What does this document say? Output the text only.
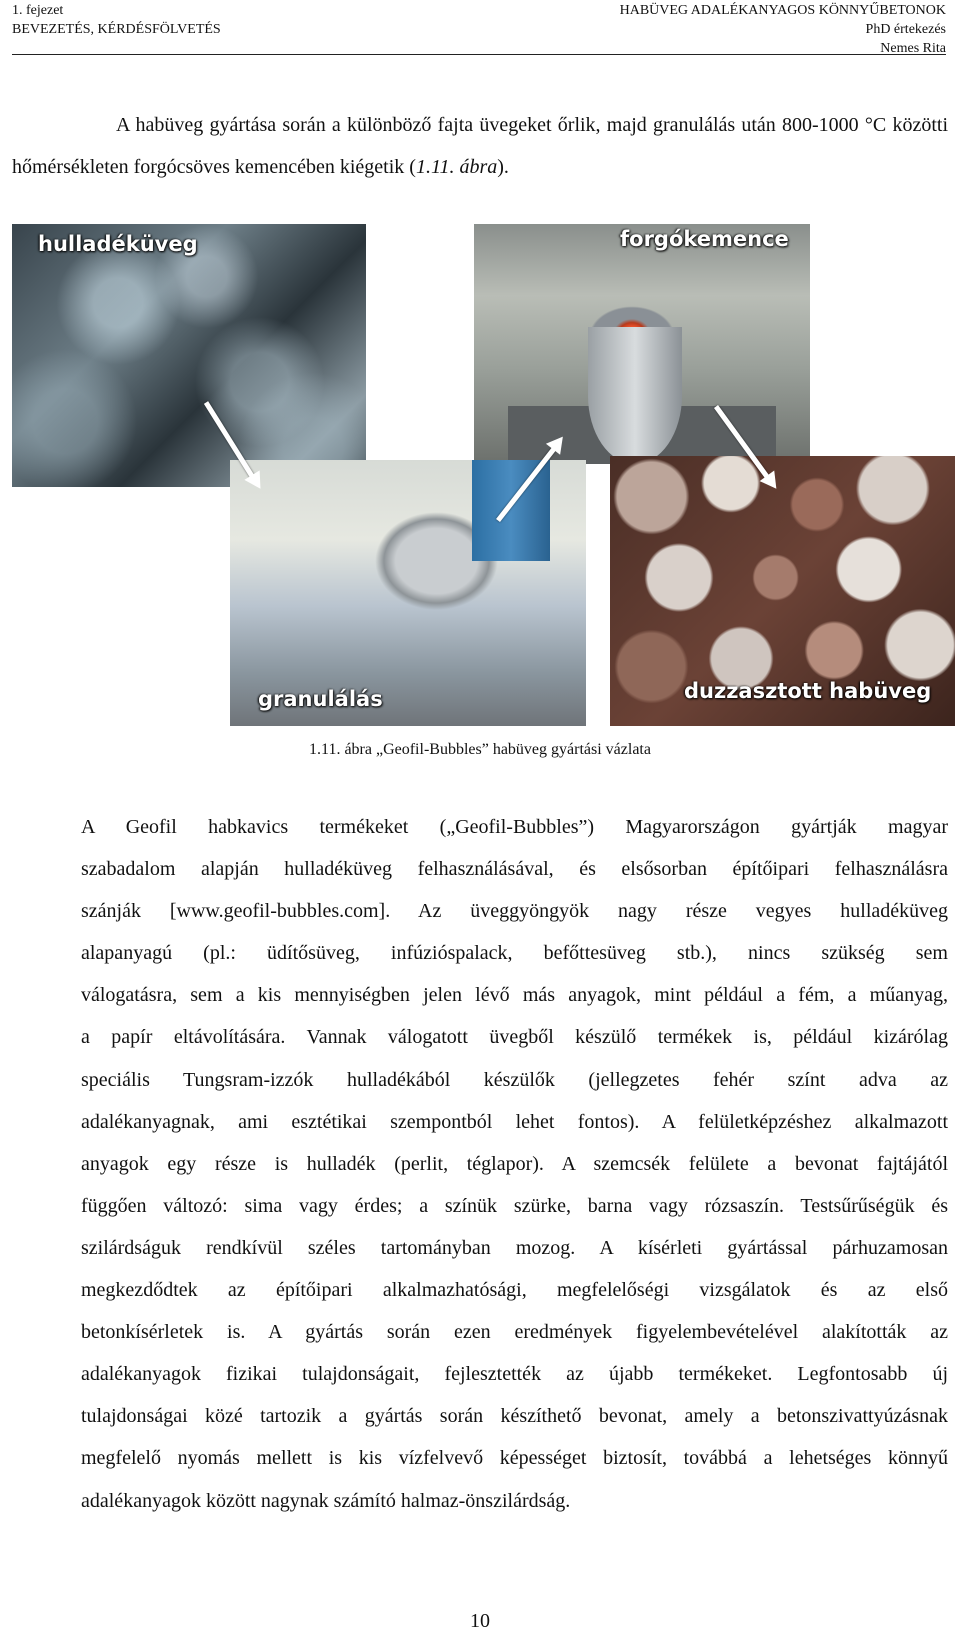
1. fejezet
BEVEZETÉS, KÉRDÉSFÖLVETÉS
HABÜVEG ADALÉKANYAGOS KÖNNYŰBETONOK
PhD értekezés
Nemes Rita
A habüveg gyártása során a különböző fajta üvegeket őrlik, majd granulálás után 800-1000 °C közötti hőmérsékleten forgócsöves kemencében kiégetik (1.11. ábra).
hulladéküveg	forgókemence
granulálás	duzzasztott habüveg
1.11. ábra „Geofil-Bubbles” habüveg gyártási vázlata
A Geofil habkavics termékeket („Geofil-Bubbles”) Magyarországon gyártják magyar
szabadalom alapján hulladéküveg felhasználásával, és elsősorban építőipari felhasználásra
szánják [www.geofil-bubbles.com]. Az üveggyöngyök nagy része vegyes hulladéküveg
alapanyagú (pl.: üdítősüveg, infúzióspalack, befőttesüveg stb.), nincs szükség sem
válogatásra, sem a kis mennyiségben jelen lévő más anyagok, mint például a fém, a műanyag,
a papír eltávolítására. Vannak válogatott üvegből készülő termékek is, például kizárólag
speciális Tungsram-izzók hulladékából készülők (jellegzetes fehér színt adva az
adalékanyagnak, ami esztétikai szempontból lehet fontos). A felületképzéshez alkalmazott
anyagok egy része is hulladék (perlit, téglapor). A szemcsék felülete a bevonat fajtájától
függően változó: sima vagy érdes; a színük szürke, barna vagy rózsaszín. Testsűrűségük és
szilárdságuk rendkívül széles tartományban mozog. A kísérleti gyártással párhuzamosan
megkezdődtek az építőipari alkalmazhatósági, megfelelőségi vizsgálatok és az első
betonkísérletek is. A gyártás során ezen eredmények figyelembevételével alakították az
adalékanyagok fizikai tulajdonságait, fejlesztették az újabb termékeket. Legfontosabb új
tulajdonságai közé tartozik a gyártás során készíthető bevonat, amely a betonszivattyúzásnak
megfelelő nyomás mellett is kis vízfelvevő képességet biztosít, továbbá a lehetséges könnyű
adalékanyagok között nagynak számító halmaz-önszilárdság.
10
